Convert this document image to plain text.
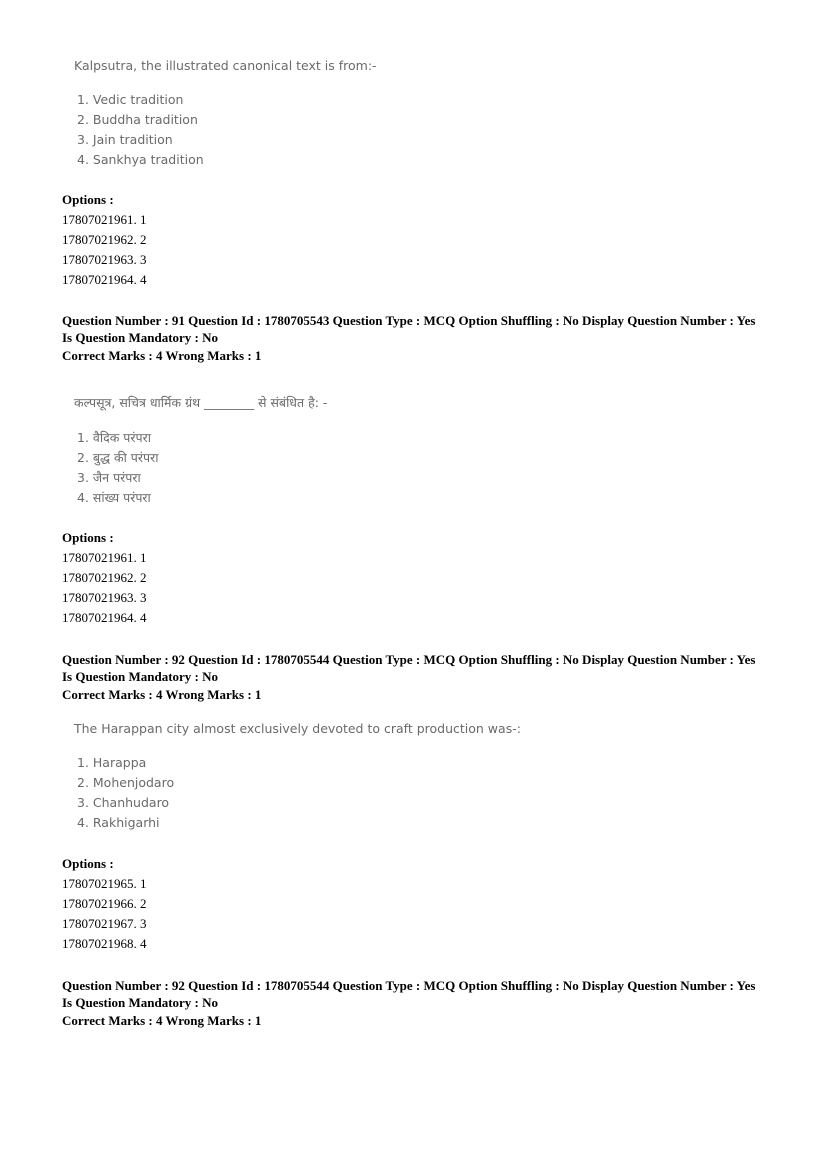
Kalpsutra, the illustrated canonical text is from:-
1. Vedic tradition
2. Buddha tradition
3. Jain tradition
4. Sankhya tradition
Options :
17807021961. 1
17807021962. 2
17807021963. 3
17807021964. 4
Question Number : 91 Question Id : 1780705543 Question Type : MCQ Option Shuffling : No Display Question Number : Yes
Is Question Mandatory : No
Correct Marks : 4 Wrong Marks : 1
कल्पसूत्र, सचित्र धार्मिक ग्रंथ ________ से संबंधित है: -
1. वैदिक परंपरा
2. बुद्ध की परंपरा
3. जैन परंपरा
4. सांख्य परंपरा
Options :
17807021961. 1
17807021962. 2
17807021963. 3
17807021964. 4
Question Number : 92 Question Id : 1780705544 Question Type : MCQ Option Shuffling : No Display Question Number : Yes
Is Question Mandatory : No
Correct Marks : 4 Wrong Marks : 1
The Harappan city almost exclusively devoted to craft production was-:
1. Harappa
2. Mohenjodaro
3. Chanhudaro
4. Rakhigarhi
Options :
17807021965. 1
17807021966. 2
17807021967. 3
17807021968. 4
Question Number : 92 Question Id : 1780705544 Question Type : MCQ Option Shuffling : No Display Question Number : Yes
Is Question Mandatory : No
Correct Marks : 4 Wrong Marks : 1
